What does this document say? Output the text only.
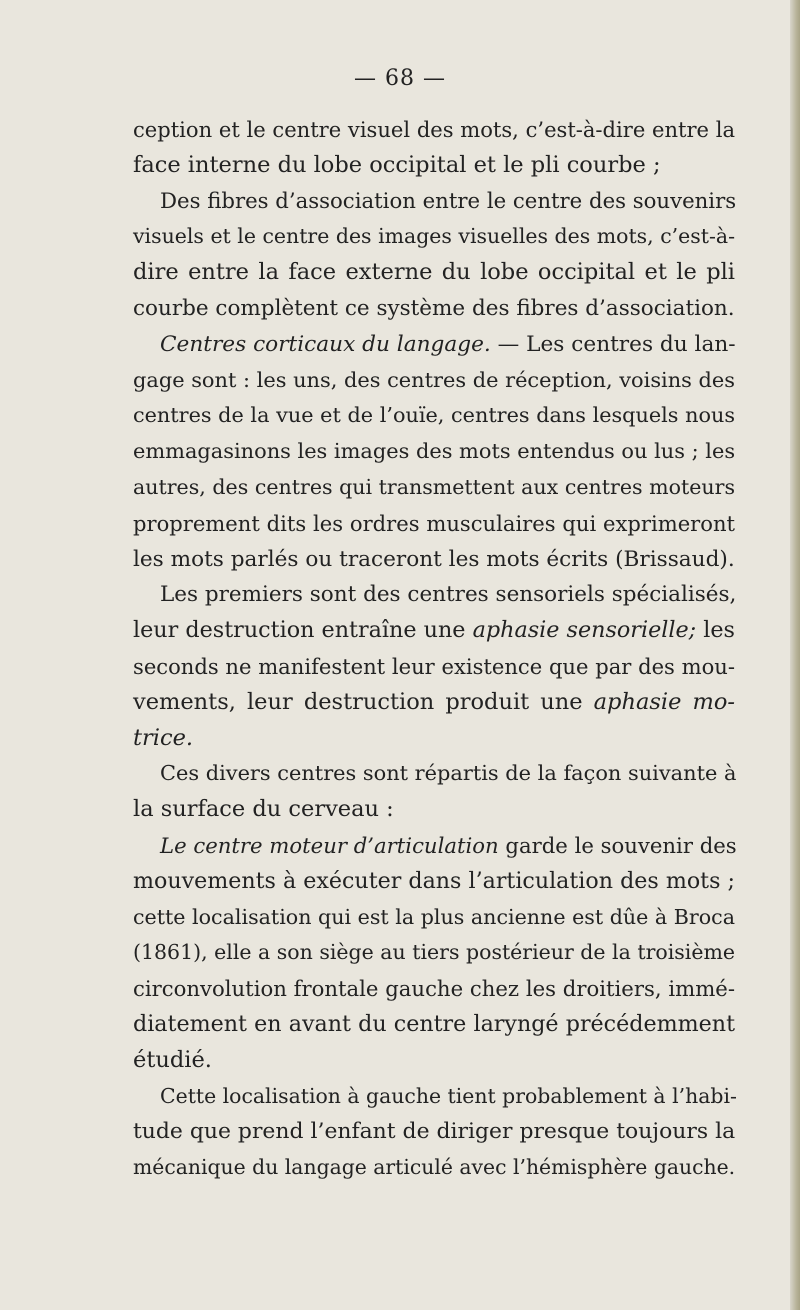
— 68 —

ception et le centre visuel des mots, c’est-à-dire entre la
face interne du lobe occipital et le pli courbe ;

Des fibres d’association entre le centre des souvenirs
visuels et le centre des images visuelles des mots, c’est-à-
dire entre la face externe du lobe occipital et le pli
courbe complètent ce système des fibres d’association.

Centres corticaux du langage. — Les centres du lan-
gage sont : les uns, des centres de réception, voisins des
centres de la vue et de l’ouïe, centres dans lesquels nous
emmagasinons les images des mots entendus ou lus ; les
autres, des centres qui transmettent aux centres moteurs
proprement dits les ordres musculaires qui exprimeront
les mots parlés ou traceront les mots écrits (Brissaud).

Les premiers sont des centres sensoriels spécialisés,
leur destruction entraîne une aphasie sensorielle; les
seconds ne manifestent leur existence que par des mou-
vements, leur destruction produit une aphasie mo-
trice.

Ces divers centres sont répartis de la façon suivante à
la surface du cerveau :

Le centre moteur d’articulation garde le souvenir des
mouvements à exécuter dans l’articulation des mots ;
cette localisation qui est la plus ancienne est dûe à Broca
(1861), elle a son siège au tiers postérieur de la troisième
circonvolution frontale gauche chez les droitiers, immé-
diatement en avant du centre laryngé précédemment
étudié.

Cette localisation à gauche tient probablement à l’habi-
tude que prend l’enfant de diriger presque toujours la
mécanique du langage articulé avec l’hémisphère gauche.
